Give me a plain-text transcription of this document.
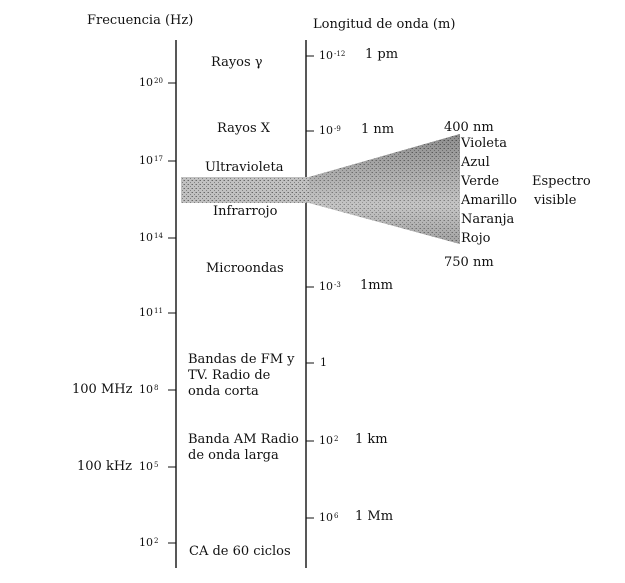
Frecuencia (Hz)	Longitud de onda (m)
$10^{20}$
$10^{17}$
$10^{14}$
$10^{11}$
$10^8$
$10^5$
$10^2$
100 MHz
100 kHz
$10^{-12}$ 1 pm
$10^{-9}$ 1 nm
$10^{-3}$ 1mm
1
$10^2$ 1 km
$10^6$ 1 Mm
Rayos γ
Rayos X
Ultravioleta
Infrarrojo
Microondas
Bandas de FM y TV. Radio de onda corta
Banda AM Radio de onda larga
CA de 60 ciclos
400 nm
Violeta
Azul
Verde
Amarillo
Naranja
Rojo
750 nm
Espectro
visible
